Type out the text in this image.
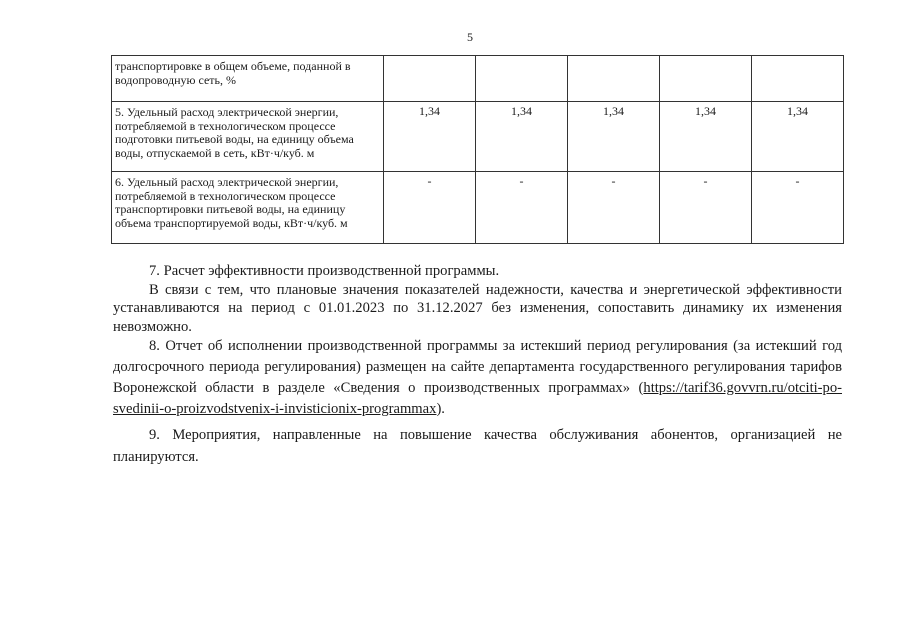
5
транспортировке в общем объеме, поданной в водопроводную сеть, %					
5. Удельный расход электрической энергии, потребляемой в технологическом процессе подготовки питьевой воды, на единицу объема воды, отпускаемой в сеть, кВт·ч/куб. м	1,34	1,34	1,34	1,34	1,34
6. Удельный расход электрической энергии, потребляемой в технологическом процессе транспортировки питьевой воды, на единицу объема транспортируемой воды, кВт·ч/куб. м	-	-	-	-	-

7. Расчет эффективности производственной программы.

В связи с тем, что плановые значения показателей надежности, качества и энергетической эффективности устанавливаются на период с 01.01.2023 по 31.12.2027 без изменения, сопоставить динамику их изменения невозможно.

8. Отчет об исполнении производственной программы за истекший период регулирования (за истекший год долгосрочного периода регулирования) размещен на сайте департамента государственного регулирования тарифов Воронежской области в разделе «Сведения о производственных программах» (https://tarif36.govvrn.ru/otciti-po-svedinii-o-proizvodstvenix-i-invisticionix-programmax).

9. Мероприятия, направленные на повышение качества обслуживания абонентов, организацией не планируются.
